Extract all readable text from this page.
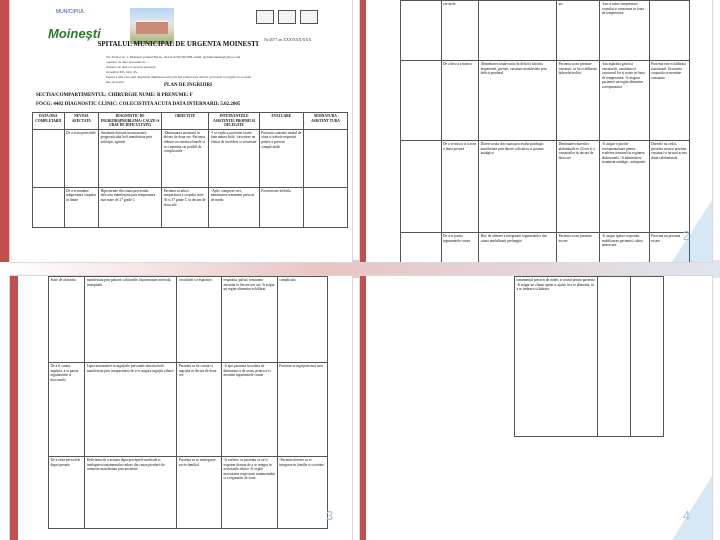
MUNICIPIUL
Moineşti	Nr/2077 an XXX/XXX/XXX
SPITALUL MUNICIPAL DE URGENTA MOINESTI
Str. Zorilor nr. 1, Moinesti, judetul Bacau, tel/fax 0234/365.098, email: spitalmoinesti@yahoo.com
operator de date personale nr. ...
furnizor de date cu caracter personal
Acreditat MS, Ord. 45...
Pentru a afla care sunt drepturile dumneavoastra privind prelucrarea datelor personale va rugam sa accesati site-ul nostru
PLAN DE INGRIJIRI
SECTIA/COMPARTIMENTUL: CHIRURGIE NUME: B PRENUME: F
FOCG: 4402 DIAGNOSTIC CLINIC: COLECISTITA ACUTA DATA INTERNARII: 5.02.2005
DATA ORA COMPLETARII	NEVOIA AFECTATA	DIAGNOSTIC DE INGRIJIRI(PROBLEMA+CAUZE+SURSE DE DIFICULTATE)	OBIECTIVE	INTERVENTIILE ASISTENTEI PROPRII SI DELEGATE	EVALUARE	SEMNATURA ASISTENT TURA
	De a evita pericolele	Anxietate datorita necunoasterii prognosticului boli manifestata prin nelinişte, agitatie	-Diminuarea anxietatii in decurs de doua ore -Pacienta trebuie sa cunoasca bazele si sa-i mentina cat posibil de complicatiile	-I se explica pacientei foarte bine natura bolii, -favorizez un climat de incredere si securitate	Pacienta cunoaste modul de viata si trebuie respectat pentru a preveni complicatiile	
	De a-si mentine temperatura corpului in limite	Hipertermie din cauza procesului infectios manifestata prin temperatura mai mare de 37 grade C	Pacienta sa aiba o temperatura a corpului intre 36 si 37 grade C in decurs de doua zile	-Aplic comprese reci, administrez tratament prescris de medic	Pacienta are afebrila	
	ore mele		arc	-Iau si notez temperatura corpului si notezeaza in foaia de temperatura	
	De a bea si a manca	Alimentarea inadecvata (in deficit) datorita inapetentei, gretuei, varsaturi manifestate prin deficit ponderal	Pacienta sa nu prezinte varsaturi, sa fie echilibrata hidroelectrolitic	-Iau aspiratia gastrica varsaturile, cantitatea si caracterul lor si notez in foaia de temperatura. -Ii asigura pacientei un regim alimentar corespunzator	Pacienta este echilibrata nutritional. Greutatea corporala se mentine constanta
	De a se misca si a avea o buna postura	Durere acuta din cauza procesului patologic manifestata prin durere colicativa si postura antalgica	Diminuarea durerilor abdominale in 24 ore si a varsaturilor in decurs de doua ore	-Ii asigur o pozitie corespunzatoare pentru scaderea tensiunii in regiunea abdominala. -Ii administrez tratament antialgic, antispastic	Durerile au cedat, pacienta nu mai prezinta varsaturi si nu mai acuza dureri abdominale
	De a-si pastra tegumentele curate	Risc de alterare a integritatii tegumentelor din cauza imobilizarii prelungite	Pacienta sa nu prezinte escare	-Ii asigur igiena corporala, mobilizarea pacientei, saltea antiescara	Pacienta nu prezinta escare 2
	Stare de oboseala	manifestata prin paloare, tahicardie, hipotensiune arteriala, transpiratii	circulatiei si respiratiei	respiratia, pulsul, tensiunea arteriala la fiecare trei ore -Ii asigur un regim alimentar echilibrat	complicatii.
	De a fi curata, ingrijita, a-si pastra tegumentele si mucoasele	Lipsa autonomiei in ingrijirile personale datorita bolii manifestata prin incapacitatea de a-si asigura ingrijiri zilnice	Pacienta sa fie curata si ingrijita in decurs de doua ore	-Ii ajut pacienta la toaleta de dimineata si de seara, pentru a-si mentine tegumentele curate	Pacienta se ingrijeste mai usor
	De a evita pericolele dupa operatie	Deficienta de a actiona dupa preceptele medicale si intelegerea tratamentului reduse din cauza pierderii de orientare manifestata prin anxietate	Pacienta sa se reintegreze socio-familial	-Ii vorbesc cu pacienta ca sa-si exprime dorinta de a se integra in activitatile zilnice -Ii explic necesitatea respectarii tratamentului si a regimului de viata	-Pacienta doreste sa se integreze in familie si societate
3
			tratamentul prescris de medic si orarul pentru pacienta -Ii asigur un climat optim si ajutor in a se alimenta, in a se imbraca si hidrata		
4
